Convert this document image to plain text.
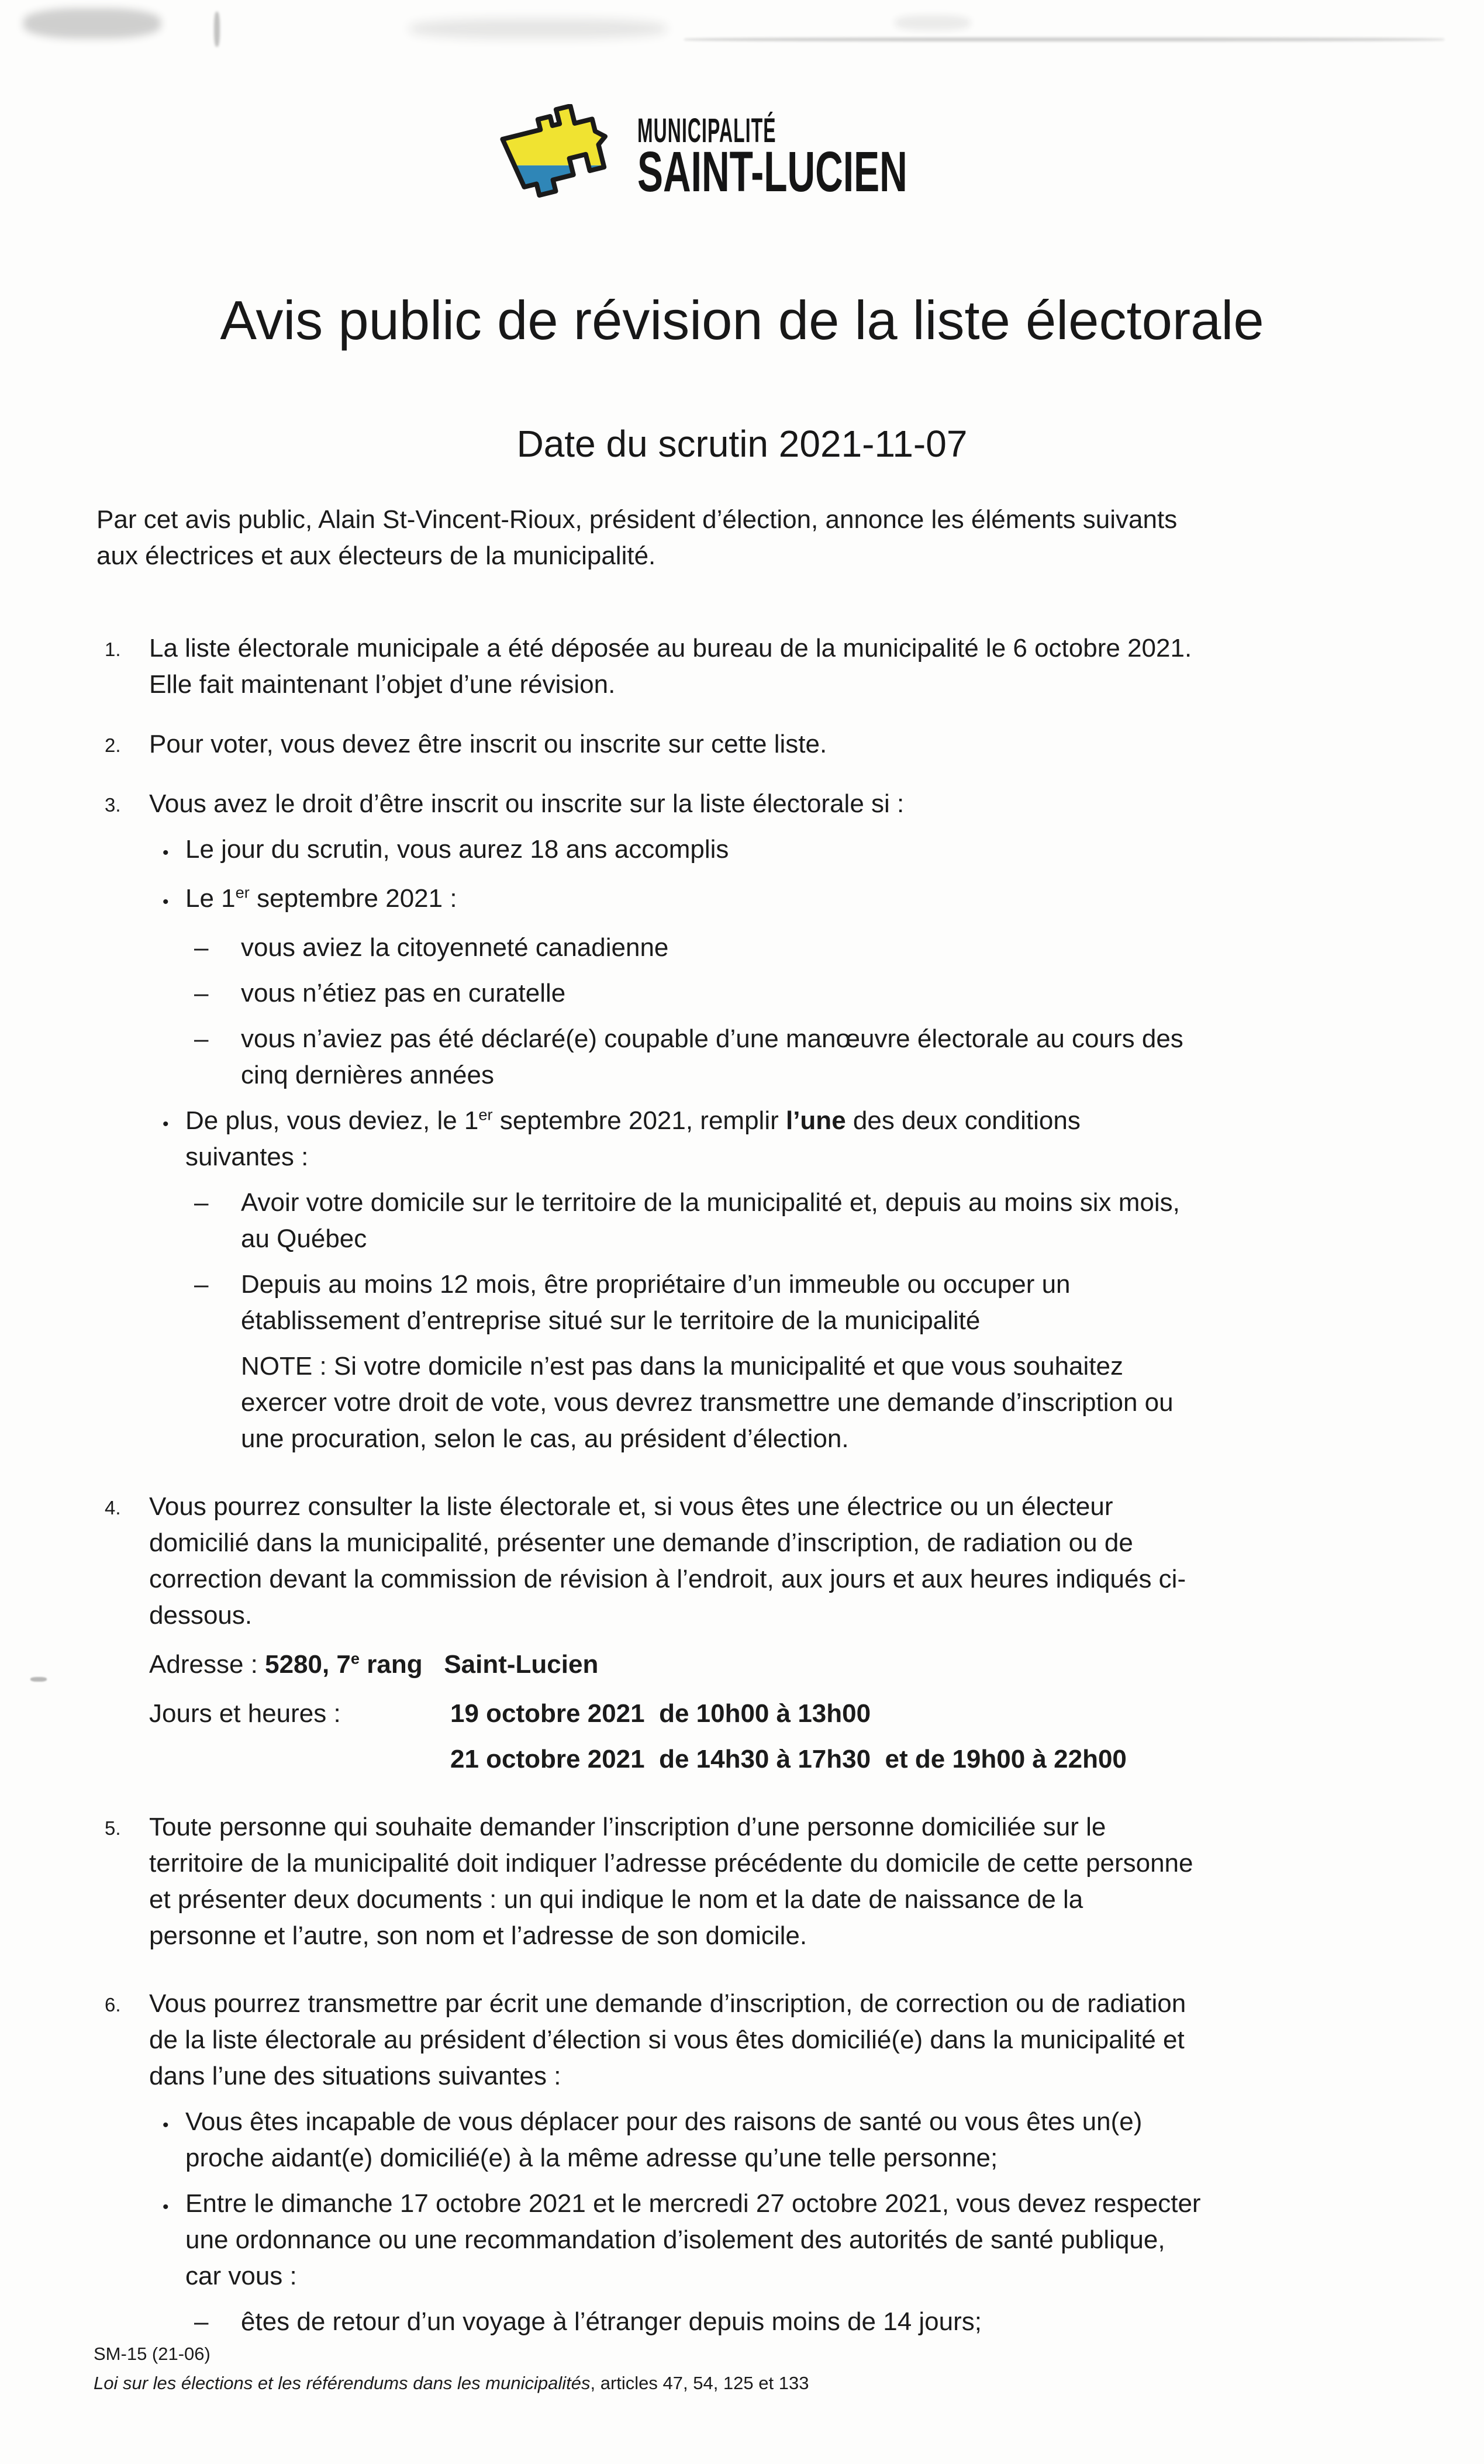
MUNICIPALITÉ
SAINT-LUCIEN
Avis public de révision de la liste électorale
Date du scrutin 2021-11-07

Par cet avis public, Alain St-Vincent-Rioux, président d’élection, annonce les éléments suivants
aux électrices et aux électeurs de la municipalité.

1.	La liste électorale municipale a été déposée au bureau de la municipalité le 6 octobre 2021.
Elle fait maintenant l’objet d’une révision.
2.	Pour voter, vous devez être inscrit ou inscrite sur cette liste.
3.	Vous avez le droit d’être inscrit ou inscrite sur la liste électorale si :
• Le jour du scrutin, vous aurez 18 ans accomplis
• Le 1er septembre 2021 :
–	vous aviez la citoyenneté canadienne
–	vous n’étiez pas en curatelle
–	vous n’aviez pas été déclaré(e) coupable d’une manœuvre électorale au cours des
cinq dernières années
• De plus, vous deviez, le 1er septembre 2021, remplir l’une des deux conditions
suivantes :
–	Avoir votre domicile sur le territoire de la municipalité et, depuis au moins six mois,
au Québec
–	Depuis au moins 12 mois, être propriétaire d’un immeuble ou occuper un
établissement d’entreprise situé sur le territoire de la municipalité
NOTE : Si votre domicile n’est pas dans la municipalité et que vous souhaitez
exercer votre droit de vote, vous devrez transmettre une demande d’inscription ou
une procuration, selon le cas, au président d’élection.
4.	Vous pourrez consulter la liste électorale et, si vous êtes une électrice ou un électeur
domicilié dans la municipalité, présenter une demande d’inscription, de radiation ou de
correction devant la commission de révision à l’endroit, aux jours et aux heures indiqués ci-
dessous.
Adresse : 5280, 7e rang   Saint-Lucien
Jours et heures :	19 octobre 2021  de 10h00 à 13h00
21 octobre 2021  de 14h30 à 17h30  et de 19h00 à 22h00
5.	Toute personne qui souhaite demander l’inscription d’une personne domiciliée sur le
territoire de la municipalité doit indiquer l’adresse précédente du domicile de cette personne
et présenter deux documents : un qui indique le nom et la date de naissance de la
personne et l’autre, son nom et l’adresse de son domicile.
6.	Vous pourrez transmettre par écrit une demande d’inscription, de correction ou de radiation
de la liste électorale au président d’élection si vous êtes domicilié(e) dans la municipalité et
dans l’une des situations suivantes :
• Vous êtes incapable de vous déplacer pour des raisons de santé ou vous êtes un(e)
proche aidant(e) domicilié(e) à la même adresse qu’une telle personne;
• Entre le dimanche 17 octobre 2021 et le mercredi 27 octobre 2021, vous devez respecter
une ordonnance ou une recommandation d’isolement des autorités de santé publique,
car vous :
–	êtes de retour d’un voyage à l’étranger depuis moins de 14 jours;
SM-15 (21-06)
Loi sur les élections et les référendums dans les municipalités, articles 47, 54, 125 et 133
